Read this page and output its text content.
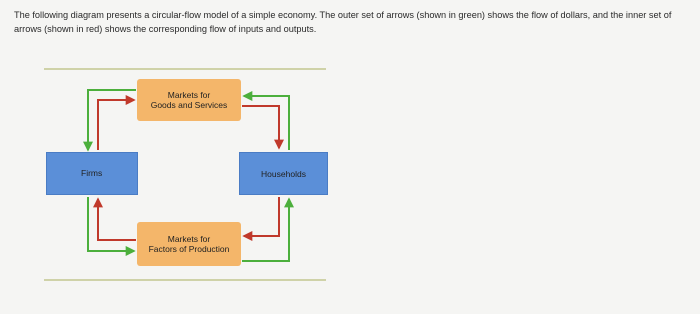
The following diagram presents a circular-flow model of a simple economy. The outer set of arrows (shown in green) shows the flow of dollars, and the inner set of arrows (shown in red) shows the corresponding flow of inputs and outputs.
Markets for
Goods and Services
Firms	Households
Markets for
Factors of Production
